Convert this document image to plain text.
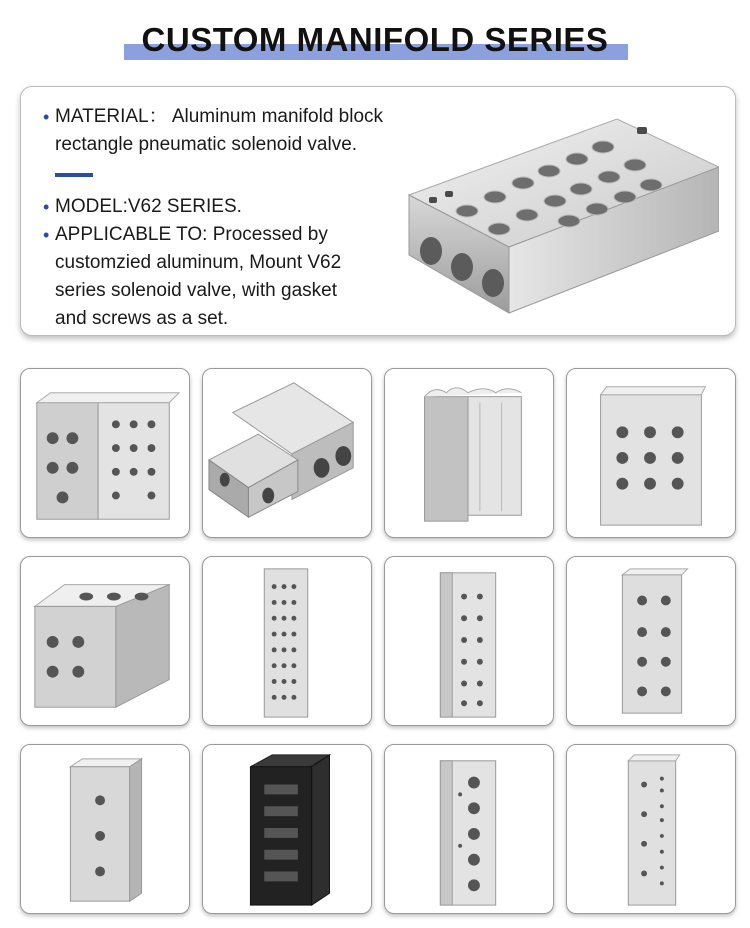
CUSTOM MANIFOLD SERIES
• MATERIAL： Aluminum manifold block
rectangle pneumatic solenoid valve.
• MODEL:V62 SERIES.
• APPLICABLE TO: Processed by
customzied aluminum, Mount V62
series solenoid valve, with gasket
and screws as a set.
